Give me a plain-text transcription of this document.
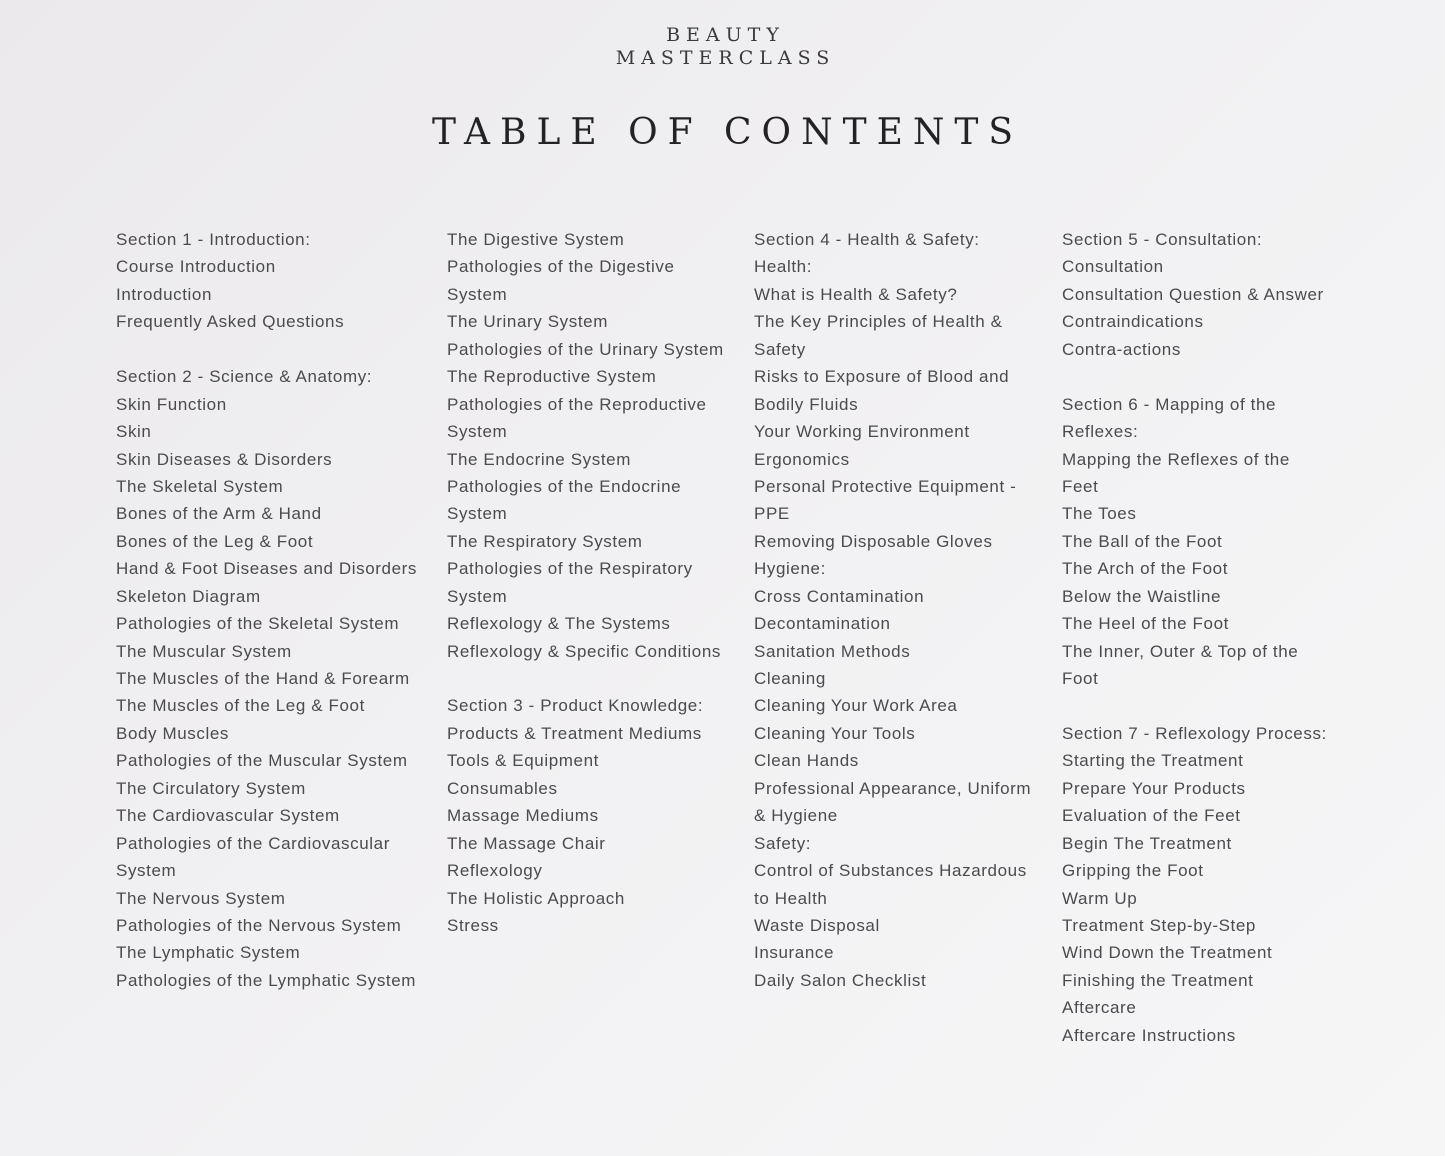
BEAUTY
MASTERCLASS
TABLE OF CONTENTS
Section 1 - Introduction:
Course Introduction
Introduction
Frequently Asked Questions
Section 2 - Science & Anatomy:
Skin Function
Skin
Skin Diseases & Disorders
The Skeletal System
Bones of the Arm & Hand
Bones of the Leg & Foot
Hand & Foot Diseases and Disorders
Skeleton Diagram
Pathologies of the Skeletal System
The Muscular System
The Muscles of the Hand & Forearm
The Muscles of the Leg & Foot
Body Muscles
Pathologies of the Muscular System
The Circulatory System
The Cardiovascular System
Pathologies of the Cardiovascular
System
The Nervous System
Pathologies of the Nervous System
The Lymphatic System
Pathologies of the Lymphatic System
The Digestive System
Pathologies of the Digestive
System
The Urinary System
Pathologies of the Urinary System
The Reproductive System
Pathologies of the Reproductive
System
The Endocrine System
Pathologies of the Endocrine
System
The Respiratory System
Pathologies of the Respiratory
System
Reflexology & The Systems
Reflexology & Specific Conditions
Section 3 - Product Knowledge:
Products & Treatment Mediums
Tools & Equipment
Consumables
Massage Mediums
The Massage Chair
Reflexology
The Holistic Approach
Stress
Section 4 - Health & Safety:
Health:
What is Health & Safety?
The Key Principles of Health &
Safety
Risks to Exposure of Blood and
Bodily Fluids
Your Working Environment
Ergonomics
Personal Protective Equipment -
PPE
Removing Disposable Gloves
Hygiene:
Cross Contamination
Decontamination
Sanitation Methods
Cleaning
Cleaning Your Work Area
Cleaning Your Tools
Clean Hands
Professional Appearance, Uniform
& Hygiene
Safety:
Control of Substances Hazardous
to Health
Waste Disposal
Insurance
Daily Salon Checklist
Section 5 - Consultation:
Consultation
Consultation Question & Answer
Contraindications
Contra-actions
Section 6 - Mapping of the
Reflexes:
Mapping the Reflexes of the
Feet
The Toes
The Ball of the Foot
The Arch of the Foot
Below the Waistline
The Heel of the Foot
The Inner, Outer & Top of the
Foot
Section 7 - Reflexology Process:
Starting the Treatment
Prepare Your Products
Evaluation of the Feet
Begin The Treatment
Gripping the Foot
Warm Up
Treatment Step-by-Step
Wind Down the Treatment
Finishing the Treatment
Aftercare
Aftercare Instructions
